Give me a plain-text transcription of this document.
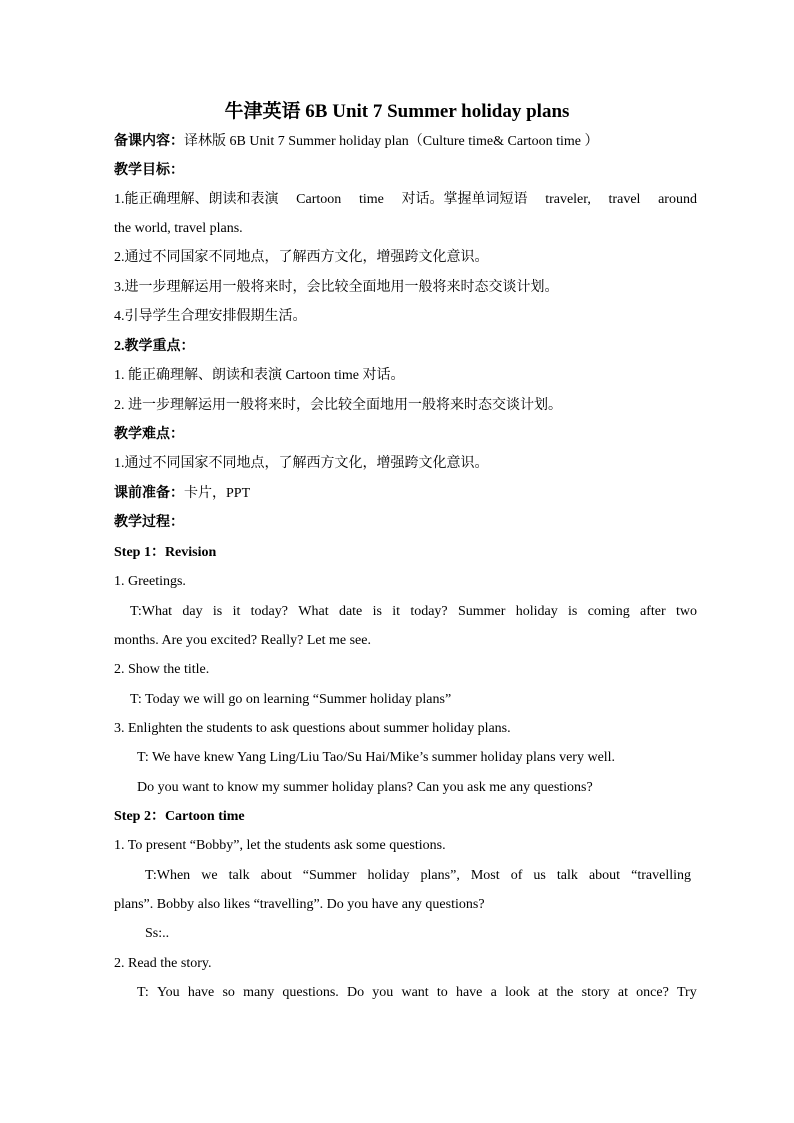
牛津英语 6B Unit 7 Summer holiday plans
备课内容：译林版 6B Unit 7 Summer holiday plan（Culture time& Cartoon time ）
教学目标：
1.能正确理解、朗读和表演 Cartoon time 对话。掌握单词短语 traveler, travel around
the world, travel plans.
2.通过不同国家不同地点，了解西方文化，增强跨文化意识。
3.进一步理解运用一般将来时，会比较全面地用一般将来时态交谈计划。
4.引导学生合理安排假期生活。
2.教学重点：
1. 能正确理解、朗读和表演 Cartoon time 对话。
2. 进一步理解运用一般将来时，会比较全面地用一般将来时态交谈计划。
教学难点：
1.通过不同国家不同地点，了解西方文化，增强跨文化意识。
课前准备：卡片，PPT
教学过程：
Step 1：Revision
1. Greetings.
T:What day is it today? What date is it today? Summer holiday is coming after two
months. Are you excited? Really? Let me see.
2. Show the title.
T: Today we will go on learning “Summer holiday plans”
3. Enlighten the students to ask questions about summer holiday plans.
T: We have knew Yang Ling/Liu Tao/Su Hai/Mike’s summer holiday plans very well.
Do you want to know my summer holiday plans? Can you ask me any questions?
Step 2：Cartoon time
1. To present “Bobby”, let the students ask some questions.
T:When we talk about “Summer holiday plans”, Most of us talk about “travelling
plans”. Bobby also likes “travelling”. Do you have any questions?
Ss:..
2. Read the story.
T: You have so many questions. Do you want to have a look at the story at once? Try
